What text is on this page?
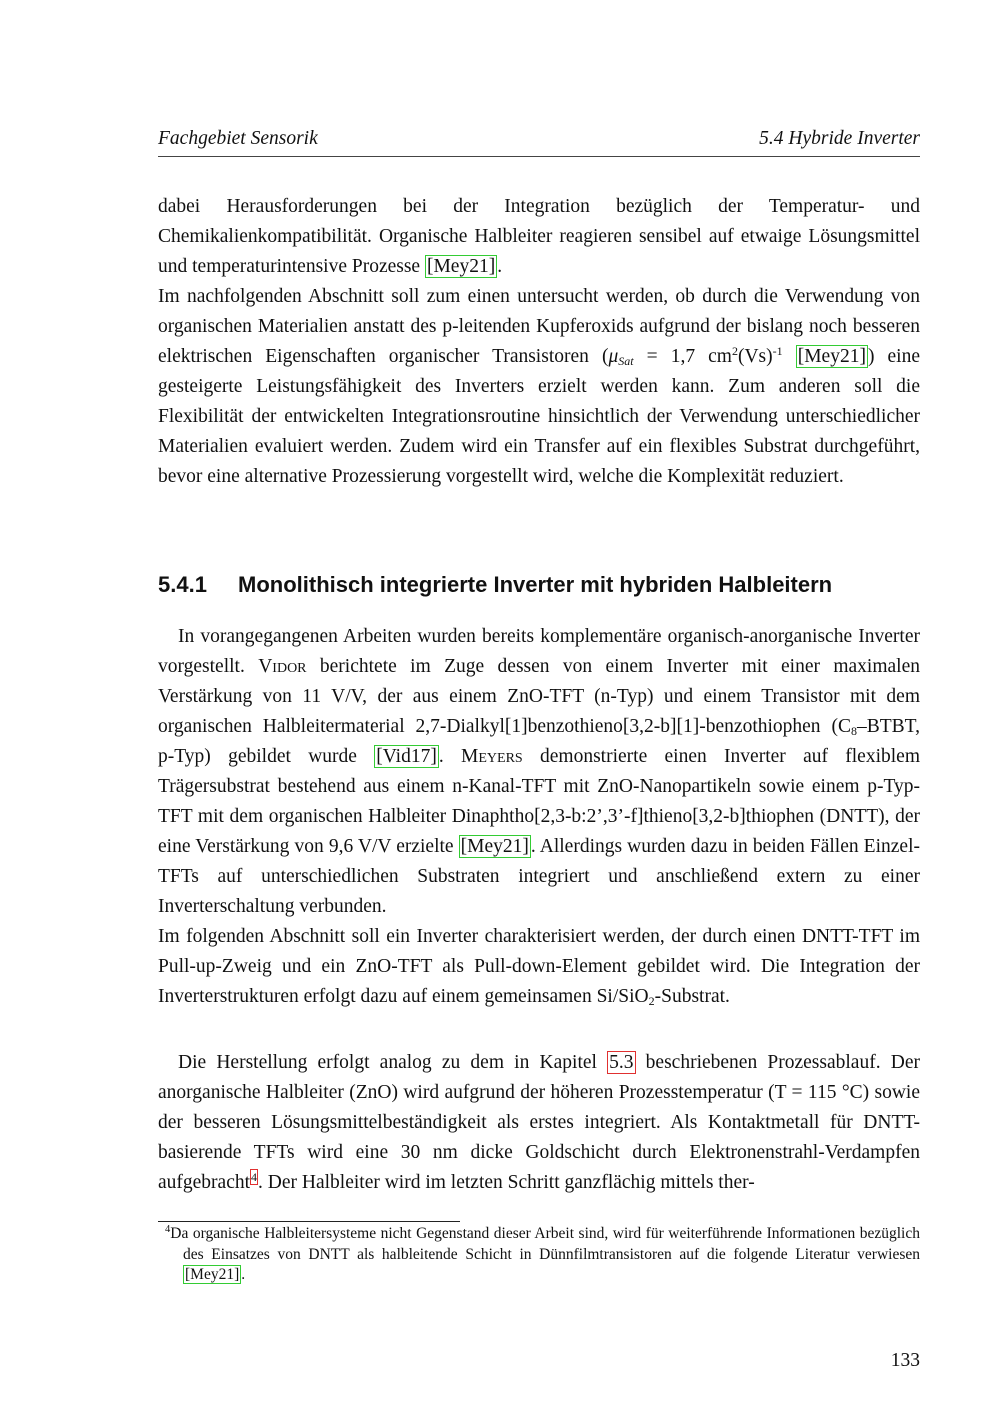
Fachgebiet Sensorik	5.4 Hybride Inverter

dabei Herausforderungen bei der Integration bezüglich der Temperatur- und Chemikalienkompatibilität. Organische Halbleiter reagieren sensibel auf etwaige Lösungsmittel und temperaturintensive Prozesse [Mey21] .

Im nachfolgenden Abschnitt soll zum einen untersucht werden, ob durch die Verwendung von organischen Materialien anstatt des p-leitenden Kupferoxids aufgrund der bislang noch besseren elektrischen Eigenschaften organischer Transistoren ($\mu_{Sat} = 1,7$ $cm^2(Vs)^{-1}$ [Mey21] ) eine gesteigerte Leistungsfähigkeit des Inverters erzielt werden kann. Zum anderen soll die Flexibilität der entwickelten Integrationsroutine hinsichtlich der Verwendung unterschiedlicher Materialien evaluiert werden. Zudem wird ein Transfer auf ein flexibles Substrat durchgeführt, bevor eine alternative Prozessierung vorgestellt wird, welche die Komplexität reduziert.

5.4.1 Monolithisch integrierte Inverter mit hybriden Halbleitern

In vorangegangenen Arbeiten wurden bereits komplementäre organisch-anorganische Inverter vorgestellt. Vidor berichtete im Zuge dessen von einem Inverter mit einer maximalen Verstärkung von 11 V/V, der aus einem ZnO-TFT (n-Typ) und einem Transistor mit dem organischen Halbleitermaterial 2,7-Dialkyl[1]benzothieno[3,2-b][1]-benzothiophen ($C_8$–BTBT, p-Typ) gebildet wurde [Vid17] . Meyers demonstrierte einen Inverter auf flexiblem Trägersubstrat bestehend aus einem n-Kanal-TFT mit ZnO-Nanopartikeln sowie einem p-Typ-TFT mit dem organischen Halbleiter Dinaphtho[2,3-b:2’,3’-f]thieno[3,2-b]thiophen (DNTT), der eine Verstärkung von 9,6 V/V erzielte [Mey21] . Allerdings wurden dazu in beiden Fällen Einzel-TFTs auf unterschiedlichen Substraten integriert und anschließend extern zu einer Inverterschaltung verbunden.

Im folgenden Abschnitt soll ein Inverter charakterisiert werden, der durch einen DNTT-TFT im Pull-up-Zweig und ein ZnO-TFT als Pull-down-Element gebildet wird. Die Integration der Inverterstrukturen erfolgt dazu auf einem gemeinsamen Si/SiO$_2$-Substrat.

Die Herstellung erfolgt analog zu dem in Kapitel 5.3 beschriebenen Prozessablauf. Der anorganische Halbleiter (ZnO) wird aufgrund der höheren Prozesstemperatur (T = 115 °C) sowie der besseren Lösungsmittelbeständigkeit als erstes integriert. Als Kontaktmetall für DNTT-basierende TFTs wird eine 30 nm dicke Goldschicht durch Elektronenstrahl-Verdampfen aufgebracht$^4$. Der Halbleiter wird im letzten Schritt ganzflächig mittels ther-

$^4$Da organische Halbleitersysteme nicht Gegenstand dieser Arbeit sind, wird für weiterführende Informationen bezüglich des Einsatzes von DNTT als halbleitende Schicht in Dünnfilmtransistoren auf die folgende Literatur verwiesen [Mey21] .
133
